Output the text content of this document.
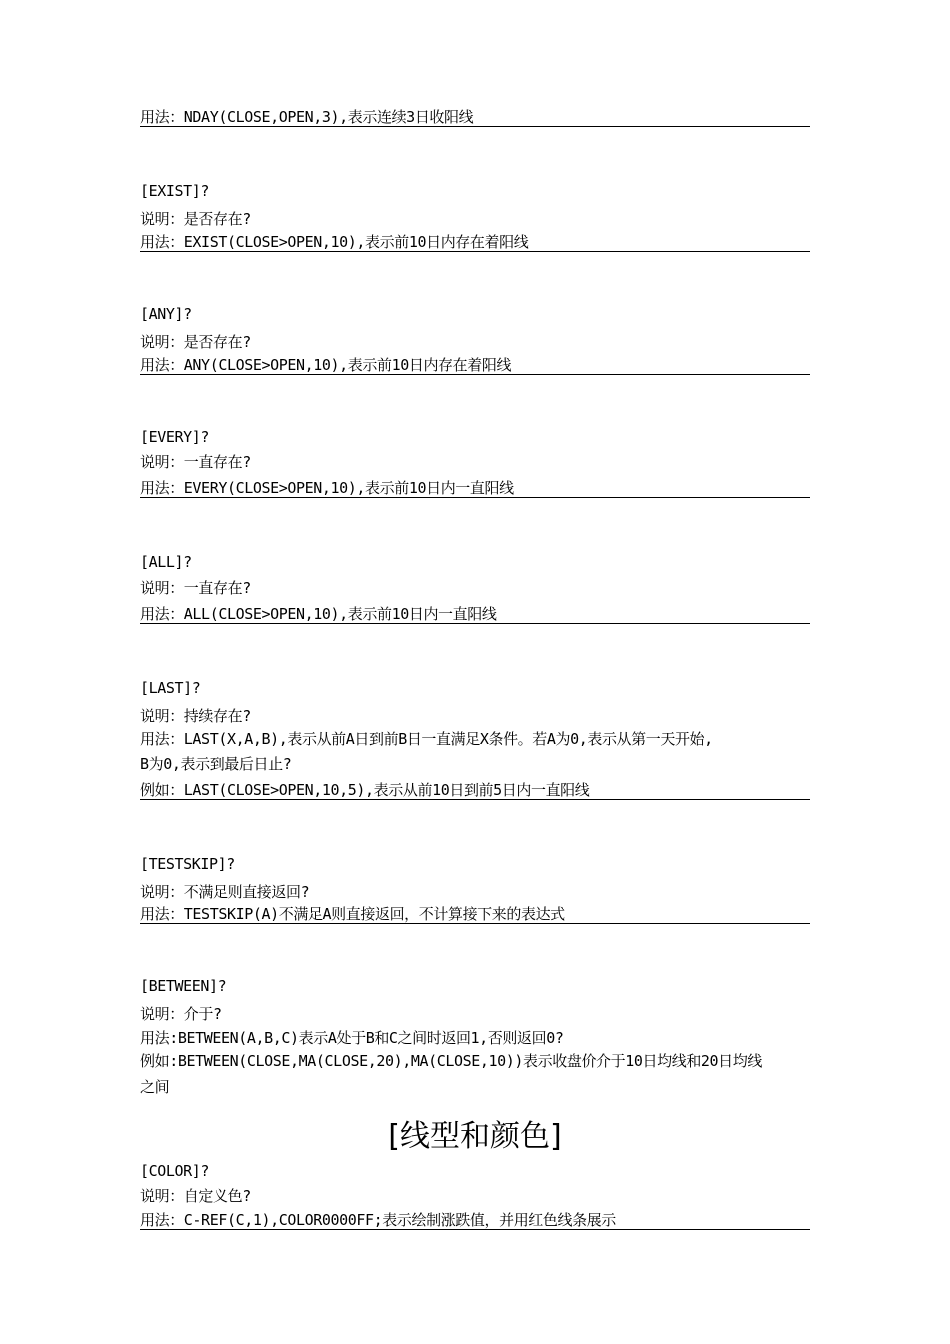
用法：NDAY(CLOSE,OPEN,3),表示连续3日收阳线
[EXIST]?
说明：是否存在?
用法：EXIST(CLOSE>OPEN,10),表示前10日内存在着阳线
[ANY]?
说明：是否存在?
用法：ANY(CLOSE>OPEN,10),表示前10日内存在着阳线
[EVERY]?
说明：一直存在?
用法：EVERY(CLOSE>OPEN,10),表示前10日内一直阳线
[ALL]?
说明：一直存在?
用法：ALL(CLOSE>OPEN,10),表示前10日内一直阳线
[LAST]?
说明：持续存在?
用法：LAST(X,A,B),表示从前A日到前B日一直满足X条件。若A为0,表示从第一天开始,
B为0,表示到最后日止?
例如：LAST(CLOSE>OPEN,10,5),表示从前10日到前5日内一直阳线
[TESTSKIP]?
说明：不满足则直接返回?
用法：TESTSKIP(A)不满足A则直接返回，不计算接下来的表达式
[BETWEEN]?
说明：介于?
用法:BETWEEN(A,B,C)表示A处于B和C之间时返回1,否则返回0?
例如:BETWEEN(CLOSE,MA(CLOSE,20),MA(CLOSE,10))表示收盘价介于10日均线和20日均线
之间
[线型和颜色]
[COLOR]?
说明：自定义色?
用法：C-REF(C,1),COLOR0000FF;表示绘制涨跌值，并用红色线条展示
